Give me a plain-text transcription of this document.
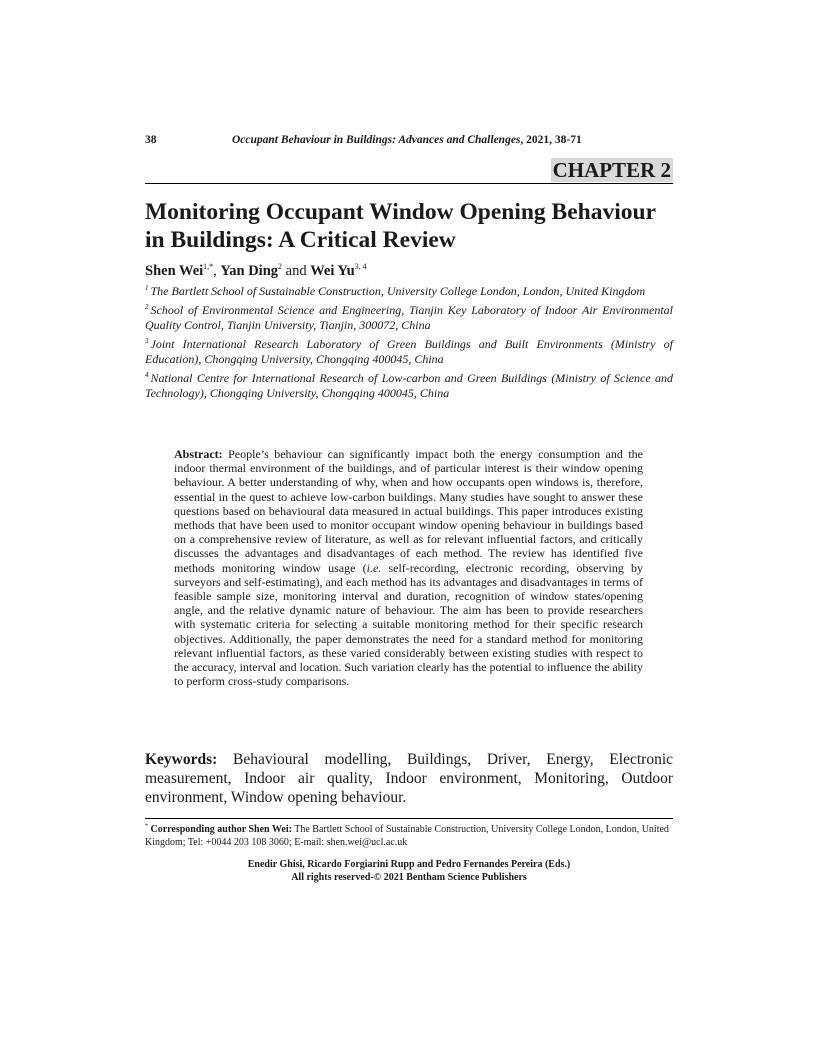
38	Occupant Behaviour in Buildings: Advances and Challenges, 2021, 38-71
CHAPTER 2
Monitoring Occupant Window Opening Behaviour in Buildings: A Critical Review
Shen Wei$^{1,*}$, Yan Ding$^2$ and Wei Yu$^{3, 4}$

$^1$ The Bartlett School of Sustainable Construction, University College London, London, United Kingdom

$^2$ School of Environmental Science and Engineering, Tianjin Key Laboratory of Indoor Air Environmental Quality Control, Tianjin University, Tianjin, 300072, China

$^3$ Joint International Research Laboratory of Green Buildings and Built Environments (Ministry of Education), Chongqing University, Chongqing 400045, China

$^4$ National Centre for International Research of Low-carbon and Green Buildings (Ministry of Science and Technology), Chongqing University, Chongqing 400045, China

Abstract: People’s behaviour can significantly impact both the energy consumption and the indoor thermal environment of the buildings, and of particular interest is their window opening behaviour. A better understanding of why, when and how occupants open windows is, therefore, essential in the quest to achieve low-carbon buildings. Many studies have sought to answer these questions based on behavioural data measured in actual buildings. This paper introduces existing methods that have been used to monitor occupant window opening behaviour in buildings based on a comprehensive review of literature, as well as for relevant influential factors, and critically discusses the advantages and disadvantages of each method. The review has identified five methods monitoring window usage (i.e. self-recording, electronic recording, observing by surveyors and self-estimating), and each method has its advantages and disadvantages in terms of feasible sample size, monitoring interval and duration, recognition of window states/opening angle, and the relative dynamic nature of behaviour. The aim has been to provide researchers with systematic criteria for selecting a suitable monitoring method for their specific research objectives. Additionally, the paper demonstrates the need for a standard method for monitoring relevant influential factors, as these varied considerably between existing studies with respect to the accuracy, interval and location. Such variation clearly has the potential to influence the ability to perform cross-study comparisons.

Keywords: Behavioural modelling, Buildings, Driver, Energy, Electronic measurement, Indoor air quality, Indoor environment, Monitoring, Outdoor environment, Window opening behaviour.

* Corresponding author Shen Wei: The Bartlett School of Sustainable Construction, University College London, London, United Kingdom; Tel: +0044 203 108 3060; E-mail: shen.wei@ucl.ac.uk

Enedir Ghisi, Ricardo Forgiarini Rupp and Pedro Fernandes Pereira (Eds.)
All rights reserved-© 2021 Bentham Science Publishers
